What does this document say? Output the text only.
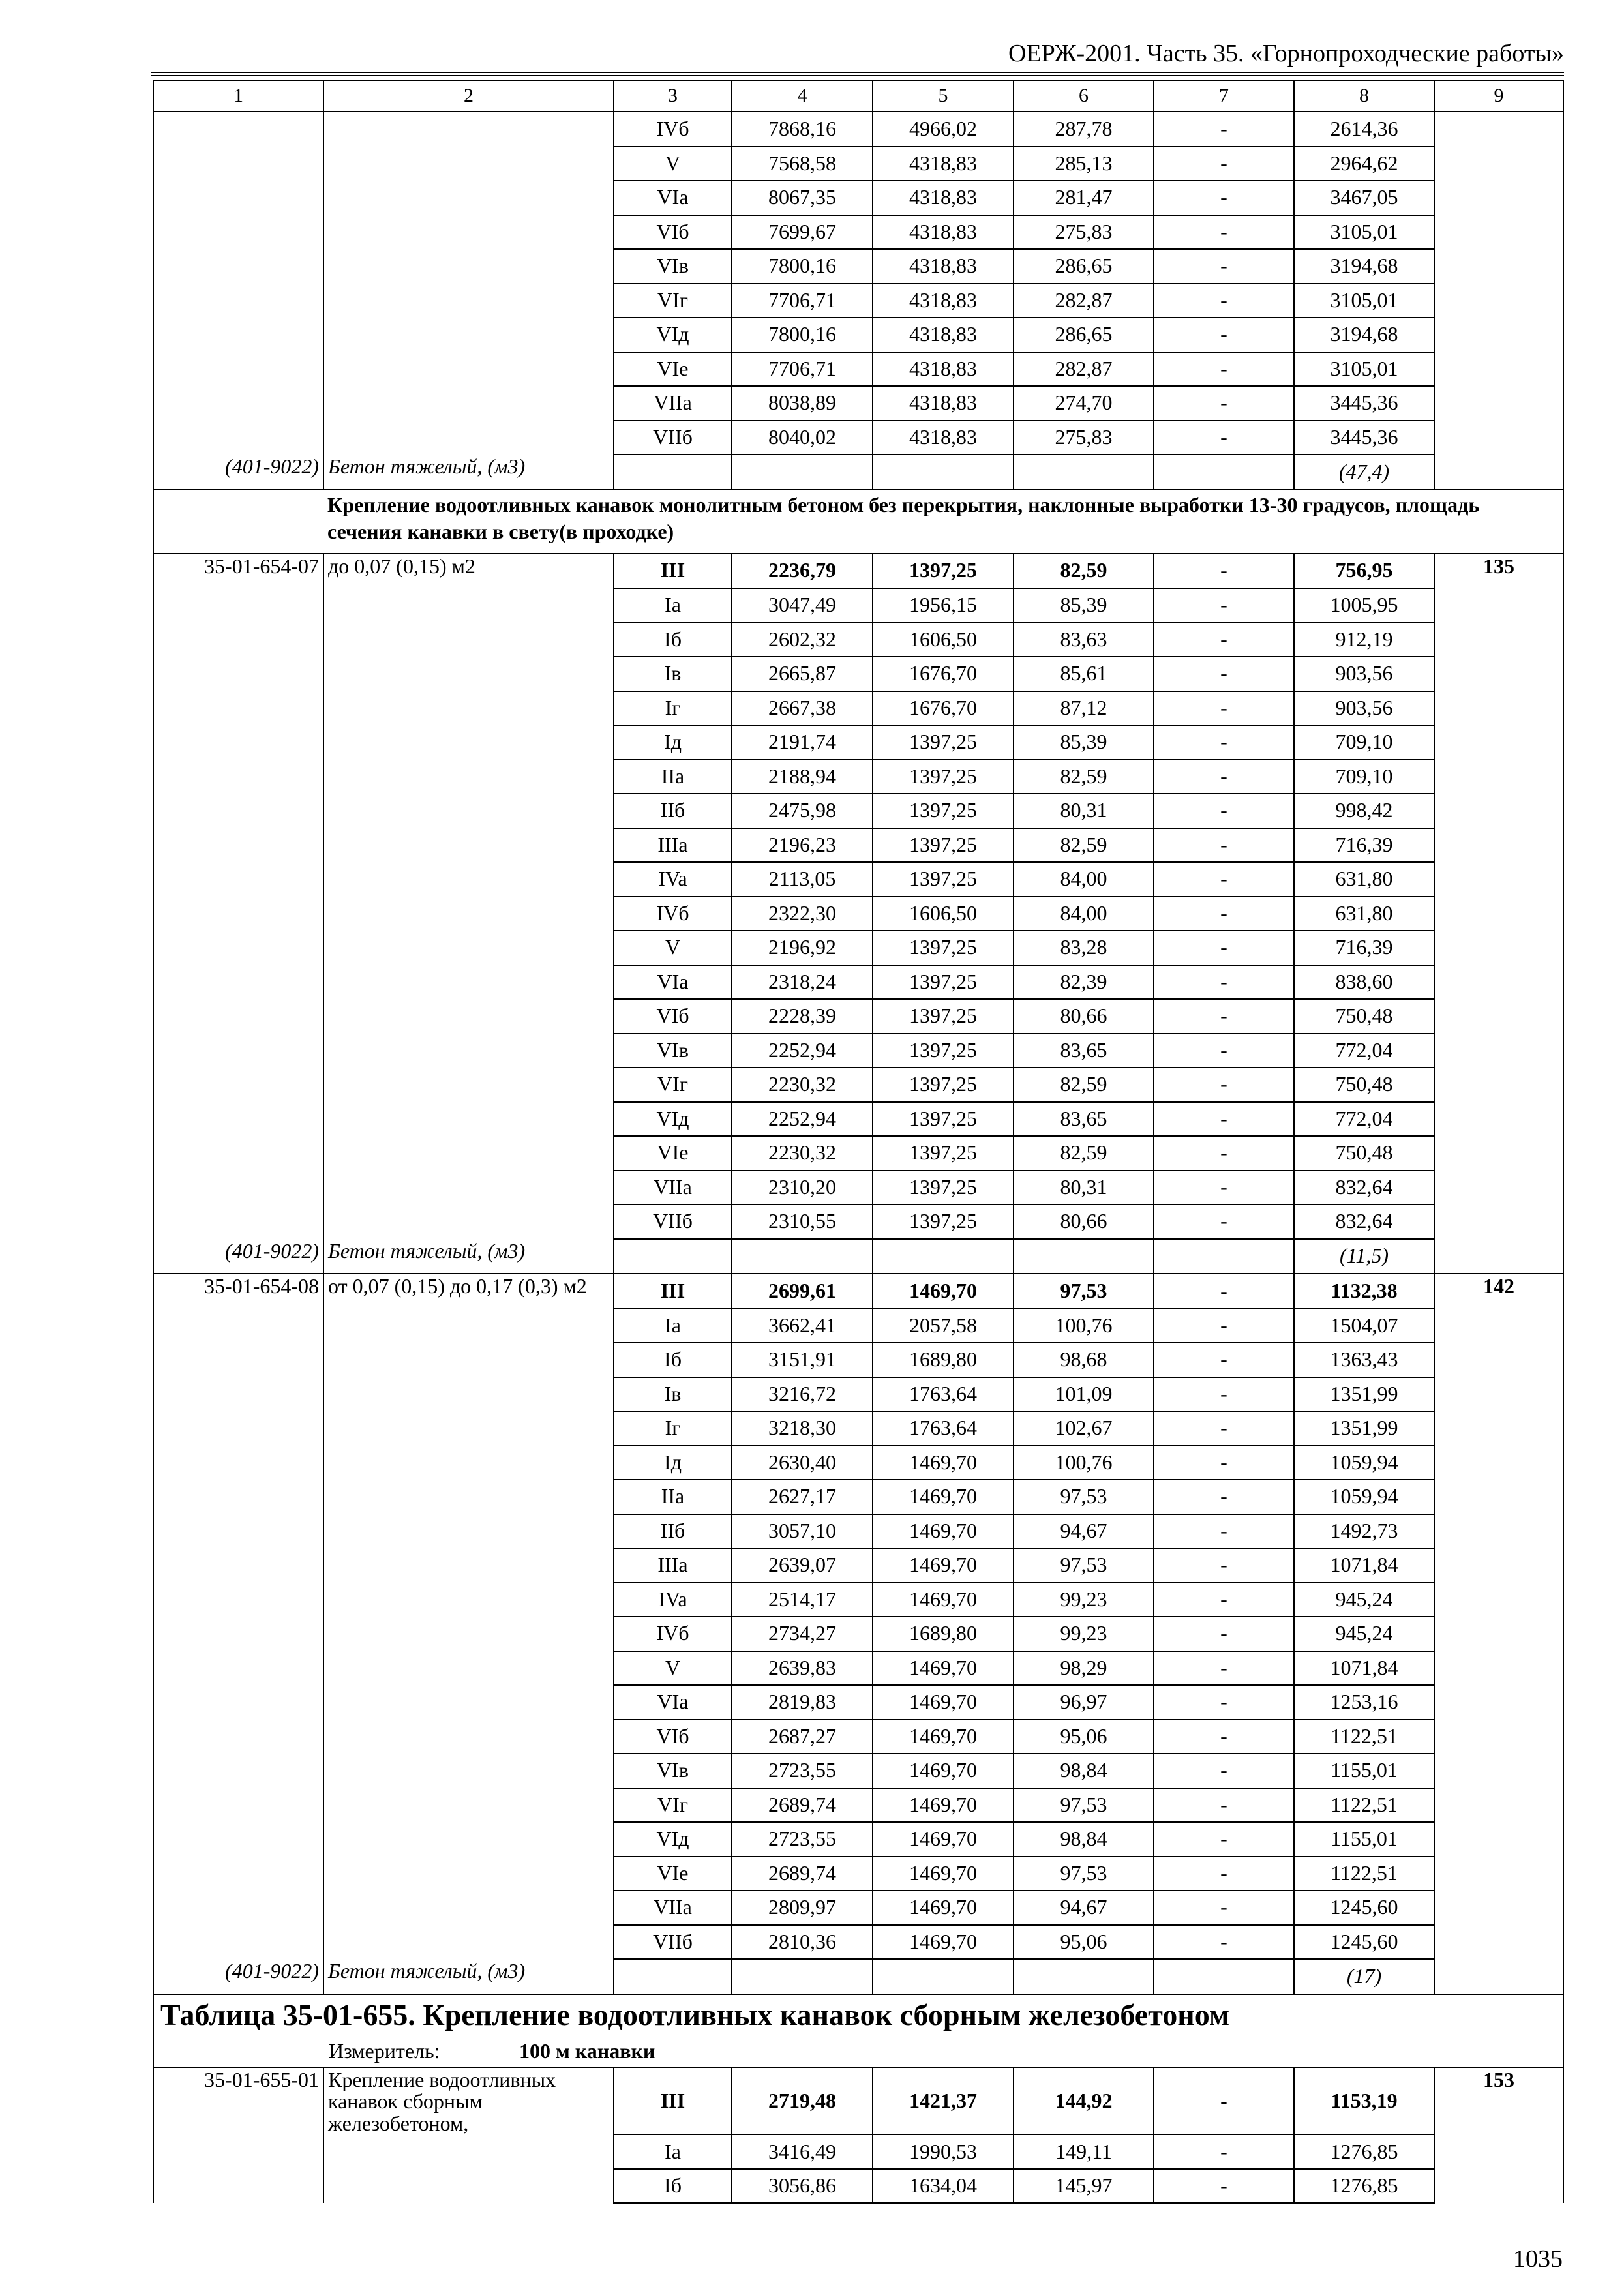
ОЕРЖ-2001. Часть 35. «Горнопроходческие работы»
1	2	3	4	5	6	7	8	9
		IVб	7868,16	4966,02	287,78	-	2614,36	
		V	7568,58	4318,83	285,13	-	2964,62	
		VIa	8067,35	4318,83	281,47	-	3467,05	
		VIб	7699,67	4318,83	275,83	-	3105,01	
		VIв	7800,16	4318,83	286,65	-	3194,68	
		VIг	7706,71	4318,83	282,87	-	3105,01	
		VIд	7800,16	4318,83	286,65	-	3194,68	
		VIе	7706,71	4318,83	282,87	-	3105,01	
		VIIa	8038,89	4318,83	274,70	-	3445,36	
		VIIб	8040,02	4318,83	275,83	-	3445,36	
(401-9022)	Бетон тяжелый, (м3)						(47,4)	
	Крепление водоотливных канавок монолитным бетоном без перекрытия, наклонные выработки 13-30 градусов, площадь сечения канавки в свету(в проходке)							
35-01-654-07	до 0,07 (0,15) м2	III	2236,79	1397,25	82,59	-	756,95	135
		Ia	3047,49	1956,15	85,39	-	1005,95	
		Iб	2602,32	1606,50	83,63	-	912,19	
		Iв	2665,87	1676,70	85,61	-	903,56	
		Iг	2667,38	1676,70	87,12	-	903,56	
		Iд	2191,74	1397,25	85,39	-	709,10	
		IIa	2188,94	1397,25	82,59	-	709,10	
		IIб	2475,98	1397,25	80,31	-	998,42	
		IIIa	2196,23	1397,25	82,59	-	716,39	
		IVa	2113,05	1397,25	84,00	-	631,80	
		IVб	2322,30	1606,50	84,00	-	631,80	
		V	2196,92	1397,25	83,28	-	716,39	
		VIa	2318,24	1397,25	82,39	-	838,60	
		VIб	2228,39	1397,25	80,66	-	750,48	
		VIв	2252,94	1397,25	83,65	-	772,04	
		VIг	2230,32	1397,25	82,59	-	750,48	
		VIд	2252,94	1397,25	83,65	-	772,04	
		VIе	2230,32	1397,25	82,59	-	750,48	
		VIIa	2310,20	1397,25	80,31	-	832,64	
		VIIб	2310,55	1397,25	80,66	-	832,64	
(401-9022)	Бетон тяжелый, (м3)						(11,5)	
35-01-654-08	от 0,07 (0,15) до 0,17 (0,3) м2	III	2699,61	1469,70	97,53	-	1132,38	142
		Ia	3662,41	2057,58	100,76	-	1504,07	
		Iб	3151,91	1689,80	98,68	-	1363,43	
		Iв	3216,72	1763,64	101,09	-	1351,99	
		Iг	3218,30	1763,64	102,67	-	1351,99	
		Iд	2630,40	1469,70	100,76	-	1059,94	
		IIa	2627,17	1469,70	97,53	-	1059,94	
		IIб	3057,10	1469,70	94,67	-	1492,73	
		IIIa	2639,07	1469,70	97,53	-	1071,84	
		IVa	2514,17	1469,70	99,23	-	945,24	
		IVб	2734,27	1689,80	99,23	-	945,24	
		V	2639,83	1469,70	98,29	-	1071,84	
		VIa	2819,83	1469,70	96,97	-	1253,16	
		VIб	2687,27	1469,70	95,06	-	1122,51	
		VIв	2723,55	1469,70	98,84	-	1155,01	
		VIг	2689,74	1469,70	97,53	-	1122,51	
		VIд	2723,55	1469,70	98,84	-	1155,01	
		VIе	2689,74	1469,70	97,53	-	1122,51	
		VIIa	2809,97	1469,70	94,67	-	1245,60	
		VIIб	2810,36	1469,70	95,06	-	1245,60	
(401-9022)	Бетон тяжелый, (м3)						(17)	
Таблица 35-01-655. Крепление водоотливных канавок сборным железобетоном								
Измеритель: 100 м канавки								
35-01-655-01	Крепление водоотливных канавок сборным железобетоном,	III	2719,48	1421,37	144,92	-	1153,19	153
		Ia	3416,49	1990,53	149,11	-	1276,85	
		Iб	3056,86	1634,04	145,97	-	1276,85	
1035
